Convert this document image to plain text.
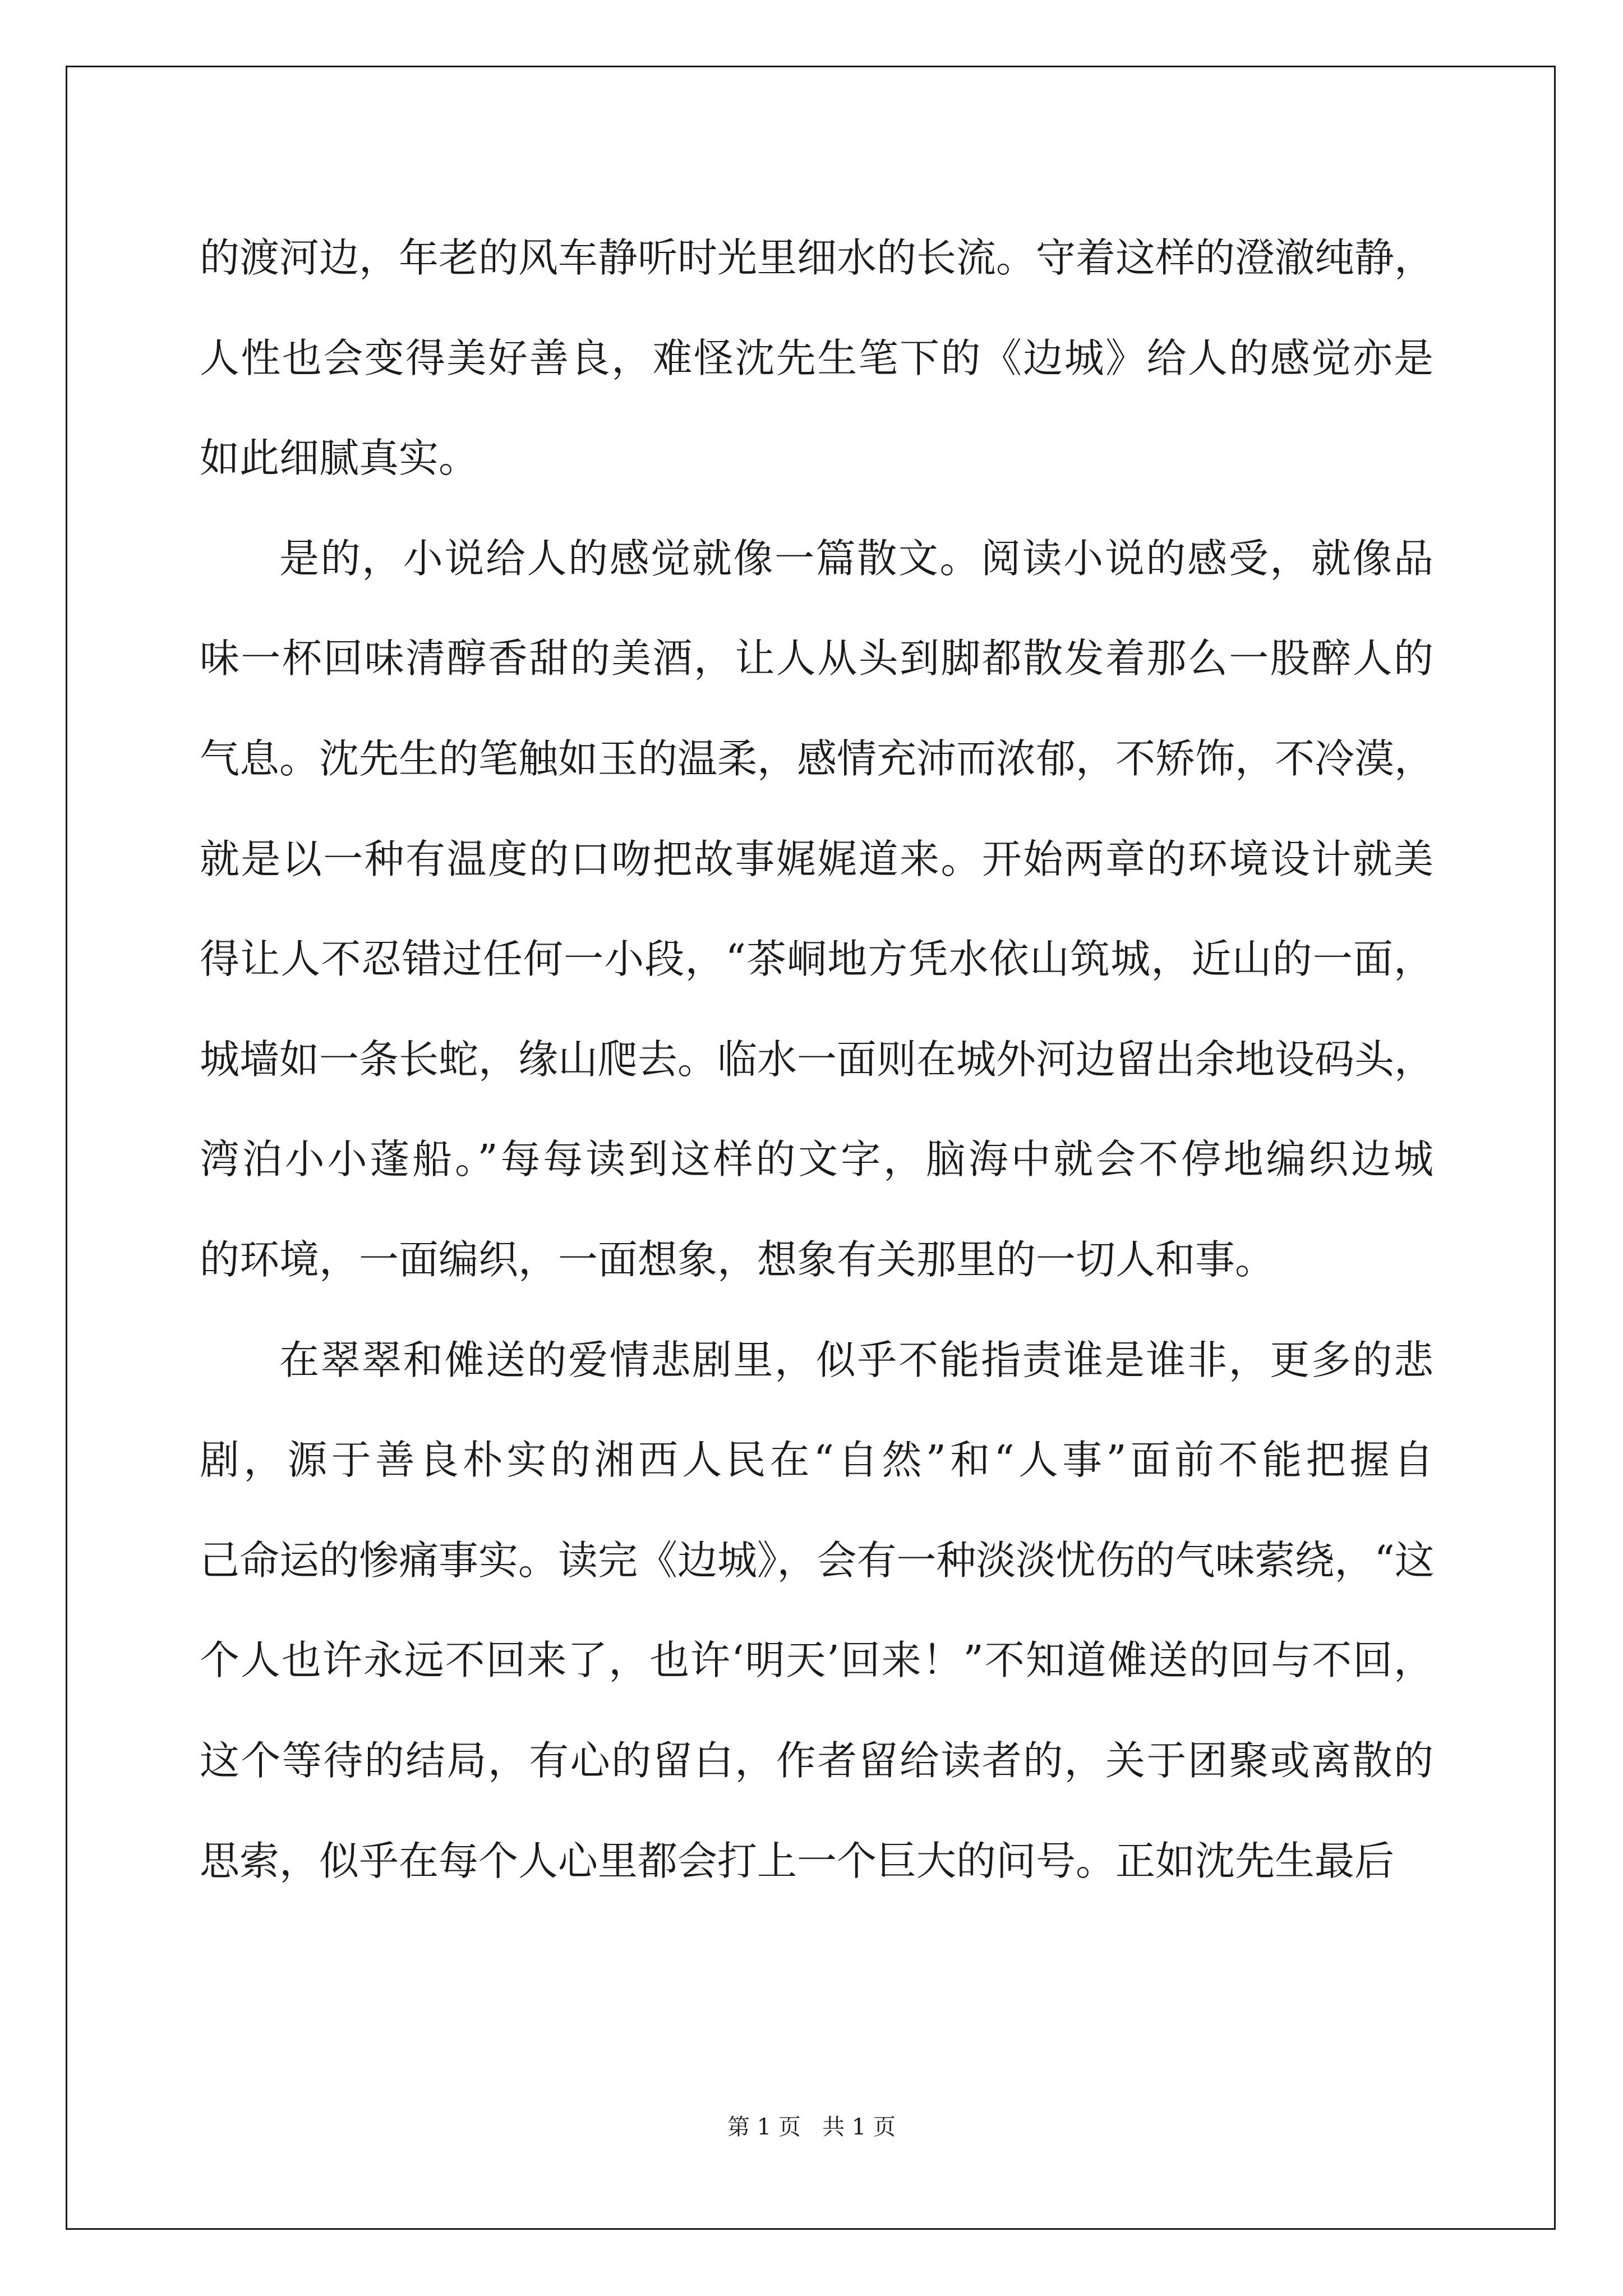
的渡河边，年老的风车静听时光里细水的长流。守着这样的澄澈纯静，
人性也会变得美好善良，难怪沈先生笔下的《边城》给人的感觉亦是
如此细腻真实。
是的，小说给人的感觉就像一篇散文。阅读小说的感受，就像品
味一杯回味清醇香甜的美酒，让人从头到脚都散发着那么一股醉人的
气息。沈先生的笔触如玉的温柔，感情充沛而浓郁，不矫饰，不冷漠，
就是以一种有温度的口吻把故事娓娓道来。开始两章的环境设计就美
得让人不忍错过任何一小段，“茶峒地方凭水依山筑城，近山的一面，
城墙如一条长蛇，缘山爬去。临水一面则在城外河边留出余地设码头，
湾泊小小蓬船。”每每读到这样的文字，脑海中就会不停地编织边城
的环境，一面编织，一面想象，想象有关那里的一切人和事。
在翠翠和傩送的爱情悲剧里，似乎不能指责谁是谁非，更多的悲
剧，源于善良朴实的湘西人民在“自然”和“人事”面前不能把握自
己命运的惨痛事实。读完《边城》，会有一种淡淡忧伤的气味萦绕，“这
个人也许永远不回来了，也许‘明天’回来！”不知道傩送的回与不回，
这个等待的结局，有心的留白，作者留给读者的，关于团聚或离散的
思索，似乎在每个人心里都会打上一个巨大的问号。正如沈先生最后
第 1 页   共 1 页
